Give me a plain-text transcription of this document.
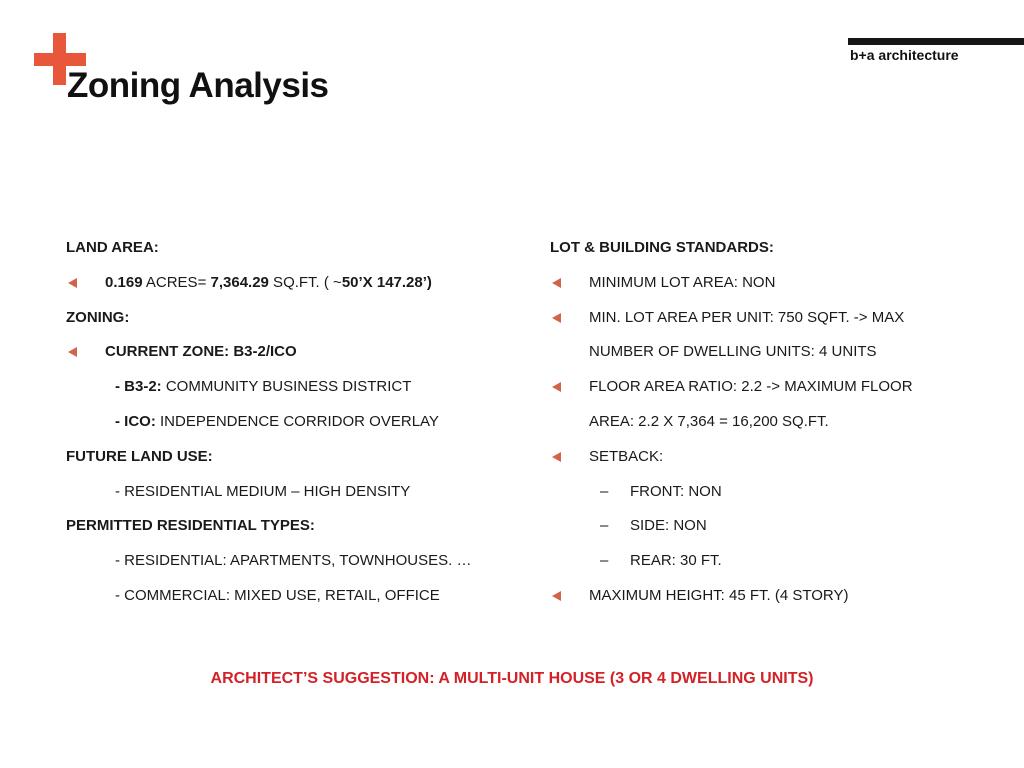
Zoning Analysis
b+a architecture
LAND AREA:
0.169 ACRES= 7,364.29 SQ.FT. ( ~50’X 147.28’)
ZONING:
CURRENT ZONE: B3-2/ICO
- B3-2: COMMUNITY BUSINESS DISTRICT
- ICO: INDEPENDENCE CORRIDOR OVERLAY
FUTURE LAND USE:
- RESIDENTIAL MEDIUM – HIGH DENSITY
PERMITTED RESIDENTIAL TYPES:
- RESIDENTIAL: APARTMENTS, TOWNHOUSES. …
- COMMERCIAL: MIXED USE, RETAIL, OFFICE
LOT & BUILDING STANDARDS:
MINIMUM LOT AREA: NON
MIN. LOT AREA PER UNIT: 750 SQFT. -> MAX
NUMBER OF DWELLING UNITS: 4 UNITS
FLOOR AREA RATIO: 2.2 -> MAXIMUM FLOOR
AREA: 2.2 X 7,364 = 16,200 SQ.FT.
SETBACK:
– FRONT: NON
– SIDE: NON
– REAR: 30 FT.
MAXIMUM HEIGHT: 45 FT. (4 STORY)
ARCHITECT’S SUGGESTION: A MULTI-UNIT HOUSE (3 OR 4 DWELLING UNITS)
